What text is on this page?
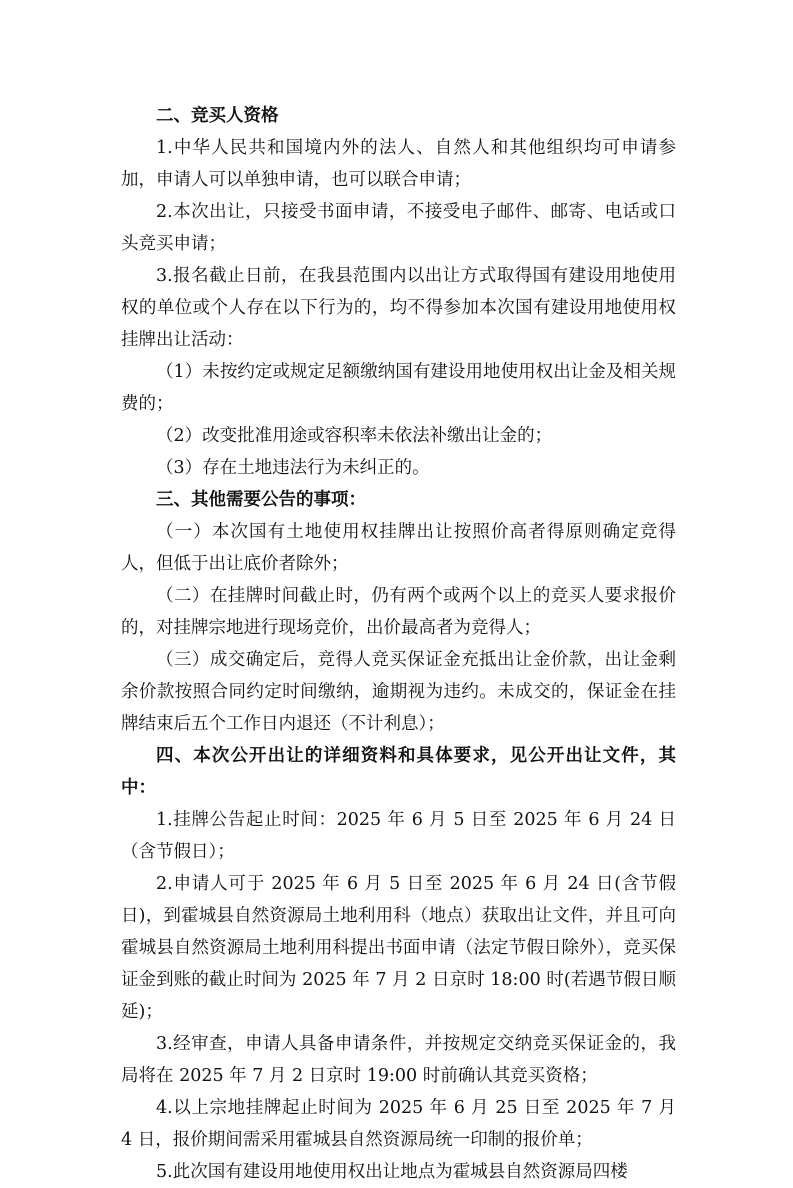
二、竞买人资格

1.中华人民共和国境内外的法人、自然人和其他组织均可申请参加，申请人可以单独申请，也可以联合申请；

2.本次出让，只接受书面申请，不接受电子邮件、邮寄、电话或口头竞买申请；

3.报名截止日前，在我县范围内以出让方式取得国有建设用地使用权的单位或个人存在以下行为的，均不得参加本次国有建设用地使用权挂牌出让活动：

（1）未按约定或规定足额缴纳国有建设用地使用权出让金及相关规费的；

（2）改变批准用途或容积率未依法补缴出让金的；

（3）存在土地违法行为未纠正的。

三、其他需要公告的事项：

（一）本次国有土地使用权挂牌出让按照价高者得原则确定竞得人，但低于出让底价者除外；

（二）在挂牌时间截止时，仍有两个或两个以上的竞买人要求报价的，对挂牌宗地进行现场竞价，出价最高者为竞得人；

（三）成交确定后，竞得人竞买保证金充抵出让金价款，出让金剩余价款按照合同约定时间缴纳，逾期视为违约。未成交的，保证金在挂牌结束后五个工作日内退还（不计利息）；

四、本次公开出让的详细资料和具体要求，见公开出让文件，其中：

1.挂牌公告起止时间：2025 年 6 月 5 日至 2025 年 6 月 24 日（含节假日）；

2.申请人可于 2025 年 6 月 5 日至 2025 年 6 月 24 日(含节假日)，到霍城县自然资源局土地利用科（地点）获取出让文件，并且可向霍城县自然资源局土地利用科提出书面申请（法定节假日除外），竞买保证金到账的截止时间为 2025 年 7 月 2 日京时 18:00 时(若遇节假日顺延)；

3.经审查，申请人具备申请条件，并按规定交纳竞买保证金的，我局将在 2025 年 7 月 2 日京时 19:00 时前确认其竞买资格；

4.以上宗地挂牌起止时间为 2025 年 6 月 25 日至 2025 年 7 月 4 日，报价期间需采用霍城县自然资源局统一印制的报价单；

5.此次国有建设用地使用权出让地点为霍城县自然资源局四楼
